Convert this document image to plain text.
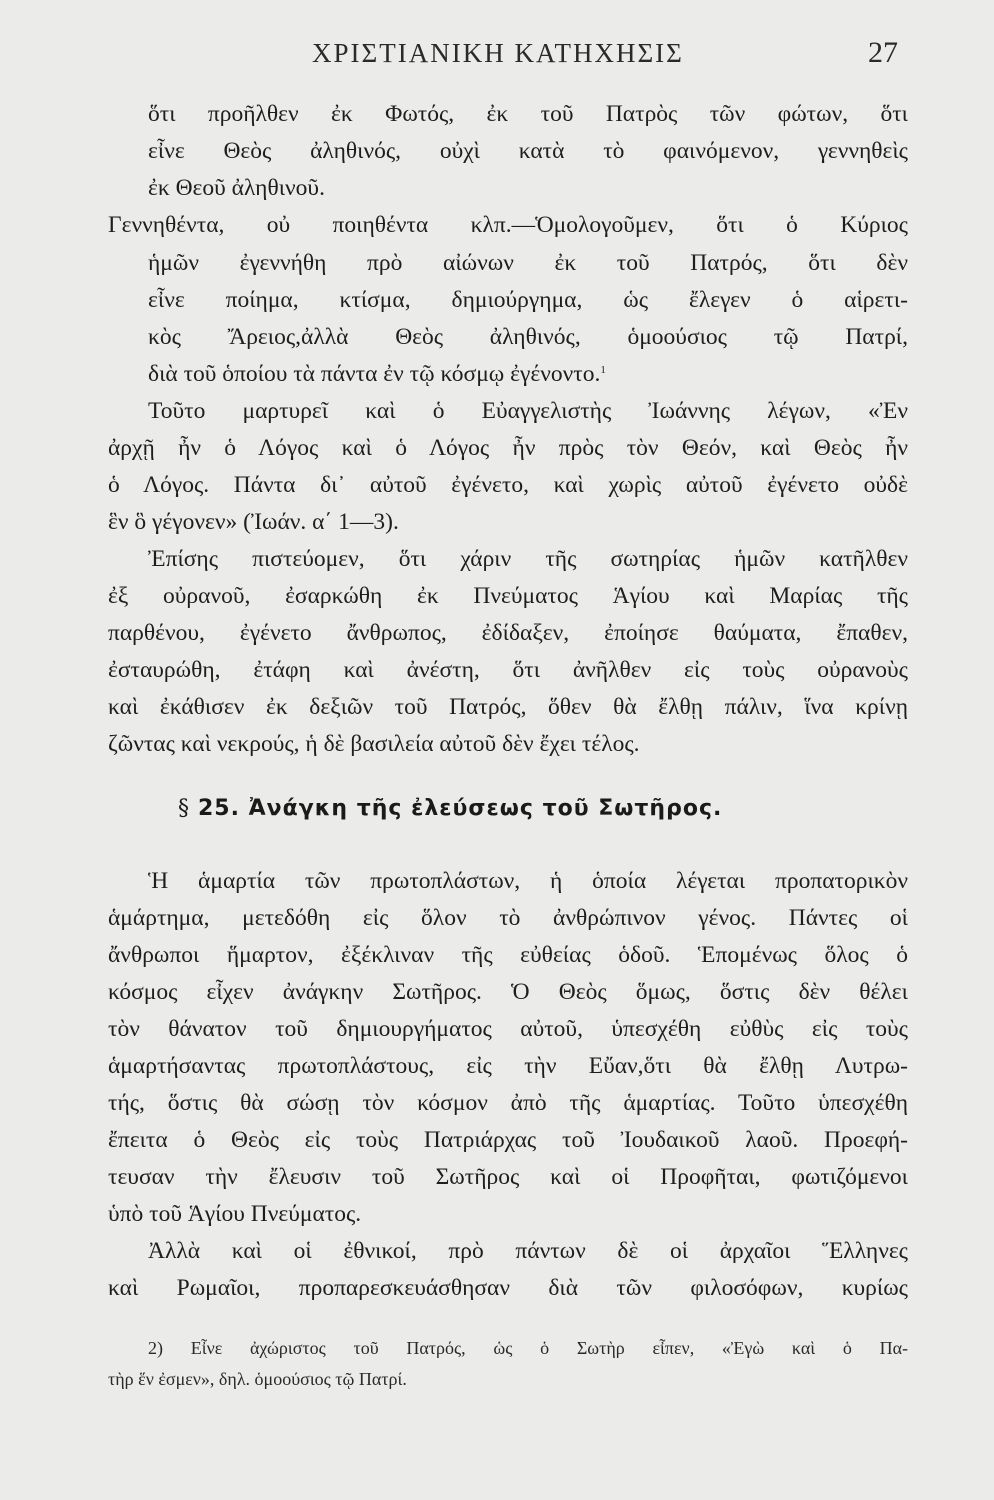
ΧΡΙΣΤΙΑΝΙΚΗ ΚΑΤΗΧΗΣΙΣ	27
ὅτι προῆλθεν ἐκ Φωτός, ἐκ τοῦ Πατρὸς τῶν φώτων, ὅτι
εἶνε Θεὸς ἀληθινός, οὐχὶ κατὰ τὸ φαινόμενον, γεννηθεὶς
ἐκ Θεοῦ ἀληθινοῦ.
Γεννηθέντα, οὐ ποιηθέντα κλπ.—Ὁμολογοῦμεν, ὅτι ὁ Κύριος
ἡμῶν ἐγεννήθη πρὸ αἰώνων ἐκ τοῦ Πατρός, ὅτι δὲν
εἶνε ποίημα, κτίσμα, δημιούργημα, ὡς ἔλεγεν ὁ αἱρετι-
κὸς Ἄρειος,ἀλλὰ Θεὸς ἀληθινός, ὁμοούσιος τῷ Πατρί,
διὰ τοῦ ὁποίου τὰ πάντα ἐν τῷ κόσμῳ ἐγένοντο.$^1$
Τοῦτο μαρτυρεῖ καὶ ὁ Εὐαγγελιστὴς Ἰωάννης λέγων, «Ἐν
ἀρχῇ ἦν ὁ Λόγος καὶ ὁ Λόγος ἦν πρὸς τὸν Θεόν, καὶ Θεὸς ἦν
ὁ Λόγος. Πάντα δι᾽ αὐτοῦ ἐγένετο, καὶ χωρὶς αὐτοῦ ἐγένετο οὐδὲ
ἓν ὃ γέγονεν» (Ἰωάν. α΄ 1—3).
Ἐπίσης πιστεύομεν, ὅτι χάριν τῆς σωτηρίας ἡμῶν κατῆλθεν
ἐξ οὐρανοῦ, ἐσαρκώθη ἐκ Πνεύματος Ἁγίου καὶ Μαρίας τῆς
παρθένου, ἐγένετο ἄνθρωπος, ἐδίδαξεν, ἐποίησε θαύματα, ἔπαθεν,
ἐσταυρώθη, ἐτάφη καὶ ἀνέστη, ὅτι ἀνῆλθεν εἰς τοὺς οὐρανοὺς
καὶ ἐκάθισεν ἐκ δεξιῶν τοῦ Πατρός, ὅθεν θὰ ἔλθῃ πάλιν, ἵνα κρίνῃ
ζῶντας καὶ νεκρούς, ἡ δὲ βασιλεία αὐτοῦ δὲν ἔχει τέλος.
§ 25. Ἀνάγκη τῆς ἐλεύσεως τοῦ Σωτῆρος.
Ἡ ἁμαρτία τῶν πρωτοπλάστων, ἡ ὁποία λέγεται προπατορικὸν
ἁμάρτημα, μετεδόθη εἰς ὅλον τὸ ἀνθρώπινον γένος. Πάντες οἱ
ἄνθρωποι ἥμαρτον, ἐξέκλιναν τῆς εὐθείας ὁδοῦ. Ἑπομένως ὅλος ὁ
κόσμος εἶχεν ἀνάγκην Σωτῆρος. Ὁ Θεὸς ὅμως, ὅστις δὲν θέλει
τὸν θάνατον τοῦ δημιουργήματος αὐτοῦ, ὑπεσχέθη εὐθὺς εἰς τοὺς
ἁμαρτήσαντας πρωτοπλάστους, εἰς τὴν Εὔαν,ὅτι θὰ ἔλθῃ Λυτρω-
τής, ὅστις θὰ σώσῃ τὸν κόσμον ἀπὸ τῆς ἁμαρτίας. Τοῦτο ὑπεσχέθη
ἔπειτα ὁ Θεὸς εἰς τοὺς Πατριάρχας τοῦ Ἰουδαικοῦ λαοῦ. Προεφή-
τευσαν τὴν ἔλευσιν τοῦ Σωτῆρος καὶ οἱ Προφῆται, φωτιζόμενοι
ὑπὸ τοῦ Ἁγίου Πνεύματος.
Ἀλλὰ καὶ οἱ ἐθνικοί, πρὸ πάντων δὲ οἱ ἀρχαῖοι Ἕλληνες
καὶ Ρωμαῖοι, προπαρεσκευάσθησαν διὰ τῶν φιλοσόφων, κυρίως
2) Εἶνε ἀχώριστος τοῦ Πατρός, ὡς ὁ Σωτὴρ εἶπεν, «Ἐγὼ καὶ ὁ Πα-
τὴρ ἕν ἐσμεν», δηλ. ὁμοούσιος τῷ Πατρί.
